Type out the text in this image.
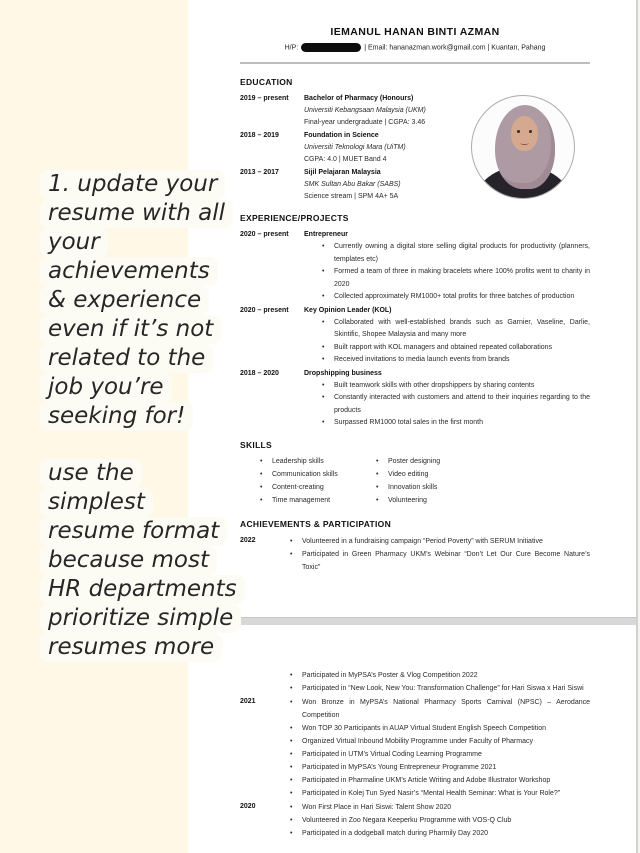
IEMANUL HANAN BINTI AZMAN
H/P:	| Email: hananazman.work@gmail.com | Kuantan, Pahang
EDUCATION
2019 – present	Bachelor of Pharmacy (Honours)
Universiti Kebangsaan Malaysia (UKM)
Final-year undergraduate | CGPA: 3.46
2018 – 2019	Foundation in Science
Universiti Teknologi Mara (UiTM)
CGPA: 4.0 | MUET Band 4
2013 – 2017	Sijil Pelajaran Malaysia
SMK Sultan Abu Bakar (SABS)
Science stream | SPM 4A+ 5A
EXPERIENCE/PROJECTS
2020 – present	Entrepreneur
• Currently owning a digital store selling digital products for productivity (planners, templates etc)
• Formed a team of three in making bracelets where 100% profits went to charity in 2020
• Collected approximately RM1000+ total profits for three batches of production
2020 – present	Key Opinion Leader (KOL)
• Collaborated with well-established brands such as Garnier, Vaseline, Darlie, Skintific, Shopee Malaysia and many more
• Built rapport with KOL managers and obtained repeated collaborations
• Received invitations to media launch events from brands
2018 – 2020	Dropshipping business
• Built teamwork skills with other dropshippers by sharing contents
• Constantly interacted with customers and attend to their inquiries regarding to the products
• Surpassed RM1000 total sales in the first month
SKILLS
• Leadership skills
• Communication skills
• Content-creating
• Time management
• Poster designing
• Video editing
• Innovation skills
• Volunteering
ACHIEVEMENTS & PARTICIPATION
2022	• Volunteered in a fundraising campaign “Period Poverty” with SERUM Initiative
• Participated in Green Pharmacy UKM’s Webinar “Don’t Let Our Cure Become Nature’s Toxic”
• Participated in MyPSA’s Poster & Vlog Competition 2022
• Participated in “New Look, New You: Transformation Challenge” for Hari Siswa x Hari Siswi
2021	• Won Bronze in MyPSA’s National Pharmacy Sports Carnival (NPSC) – Aerodance Competition
• Won TOP 30 Participants in AUAP Virtual Student English Speech Competition
• Organized Virtual Inbound Mobility Programme under Faculty of Pharmacy
• Participated in UTM’s Virtual Coding Learning Programme
• Participated in MyPSA’s Young Entrepreneur Programme 2021
• Participated in Pharmaline UKM’s Article Writing and Adobe Illustrator Workshop
• Participated in Kolej Tun Syed Nasir’s “Mental Health Seminar: What is Your Role?”
2020	• Won First Place in Hari Siswi: Talent Show 2020
• Volunteered in Zoo Negara Keeperku Programme with VOS-Q Club
• Participated in a dodgeball match during Pharmily Day 2020
1. update your
resume with all
your
achievements
& experience
even if it’s not
related to the
job you’re
seeking for!
use the
simplest
resume format
because most
HR departments
prioritize simple
resumes more
